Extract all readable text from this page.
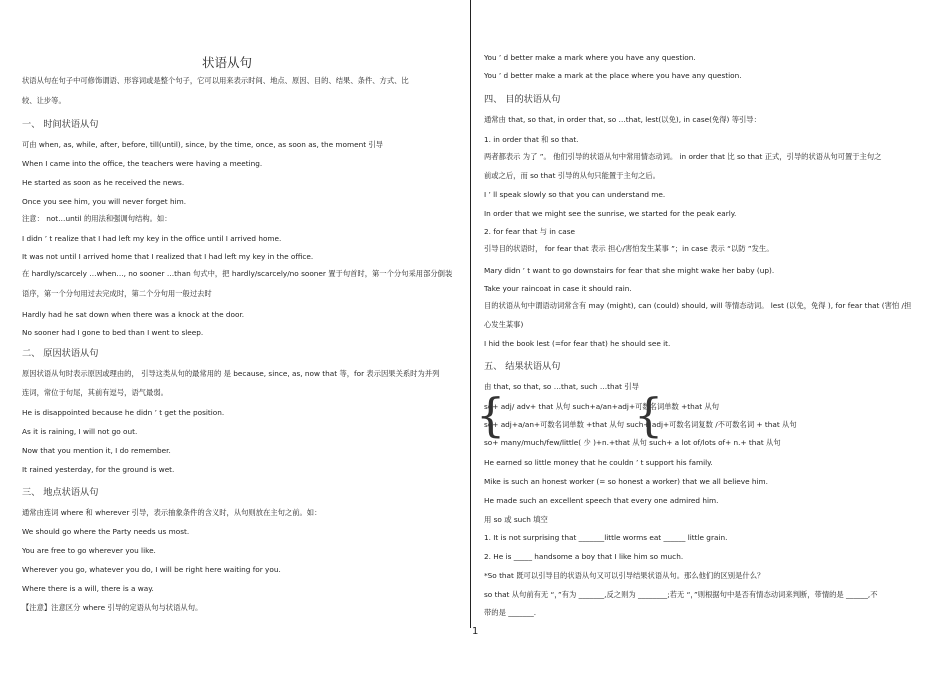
状语从句
状语从句在句子中可修饰谓语、形容词或是整个句子，它可以用来表示时间、地点、原因、目的、结果、条件、方式、比
较、让步等。
一、 时间状语从句
可由 when, as, while, after, before, till(until), since, by the time, once, as soon as, the moment 引导
When I came into the office, the teachers were having a meeting.
He started as soon as he received the news.
Once you see him, you will never forget him.
注意： not…until 的用法和强调句结构。如：
I didn ’ t realize that I had left my key in the office until I arrived home.
It was not until I arrived home that I realized that I had left my key in the office.
在 hardly/scarcely …when…, no sooner …than 句式中，把 hardly/scarcely/no sooner 置于句首时，第一个分句采用部分倒装
语序，第一个分句用过去完成时，第二个分句用一般过去时
Hardly had he sat down when there was a knock at the door.
No sooner had I gone to bed than I went to sleep.
二、 原因状语从句
原因状语从句时表示原因或理由的， 引导这类从句的最常用的 是 because, since, as, now that 等，for 表示因果关系时为并列
连词，常位于句尾，其前有逗号，语气最弱。
He is disappointed because he didn ’ t get the position.
As it is raining, I will not go out.
Now that you mention it, I do remember.
It rained yesterday, for the ground is wet.
三、 地点状语从句
通常由连词 where 和 wherever 引导，表示抽象条件的含义时，从句则放在主句之前。如：
We should go where the Party needs us most.
You are free to go wherever you like.
Wherever you go, whatever you do, I will be right here waiting for you.
Where there is a will, there is a way.
【注意】注意区分 where 引导的定语从句与状语从句。
You ’ d better make a mark where you have any question.
You ’ d better make a mark at the place where you have any question.
四、 目的状语从句
通常由 that, so that, in order that, so …that, lest(以免), in case(免得) 等引导：
1. in order that 和 so that.
两者都表示 为了 ”。 他们引导的状语从句中常用情态动词。 in order that 比 so that 正式，引导的状语从句可置于主句之
前或之后，而 so that 引导的从句只能置于主句之后。
I ’ ll speak slowly so that you can understand me.
In order that we might see the sunrise, we started for the peak early.
2. for fear that 与 in case
引导目的状语时， for fear that 表示 担心/害怕发生某事 ”；in case 表示 “以防 ”发生。
Mary didn ’ t want to go downstairs for fear that she might wake her baby (up).
Take your raincoat in case it should rain.
目的状语从句中谓语动词常含有 may (might), can (could) should, will 等情态动词。 lest (以免，免得 ), for fear that (害怕 /担
心发生某事)
I hid the book lest (=for fear that) he should see it.
五、 结果状语从句
由 that, so that, so …that, such …that 引导
so+ adj/ adv+ that 从句 such+a/an+adj+可数名词单数 +that 从句
so+ adj+a/an+可数名词单数 +that 从句 such+ adj+可数名词复数 /不可数名词 + that 从句
so+ many/much/few/little( 少 )+n.+that 从句 such+ a lot of/lots of+ n.+ that 从句
He earned so little money that he couldn ’ t support his family.
Mike is such an honest worker (= so honest a worker) that we all believe him.
He made such an excellent speech that every one admired him.
用 so 或 such 填空
1. It is not surprising that _______little worms eat ______ little grain.
2. He is _____ handsome a boy that I like him so much.
*So that 既可以引导目的状语从句又可以引导结果状语从句。那么他们的区别是什么？
so that 从句前有无 “，”有为 _______,反之则为 ________;若无 “，”则根据句中是否有情态动词来判断，带情的是 ______,不
带的是 _______.
{	{
1
